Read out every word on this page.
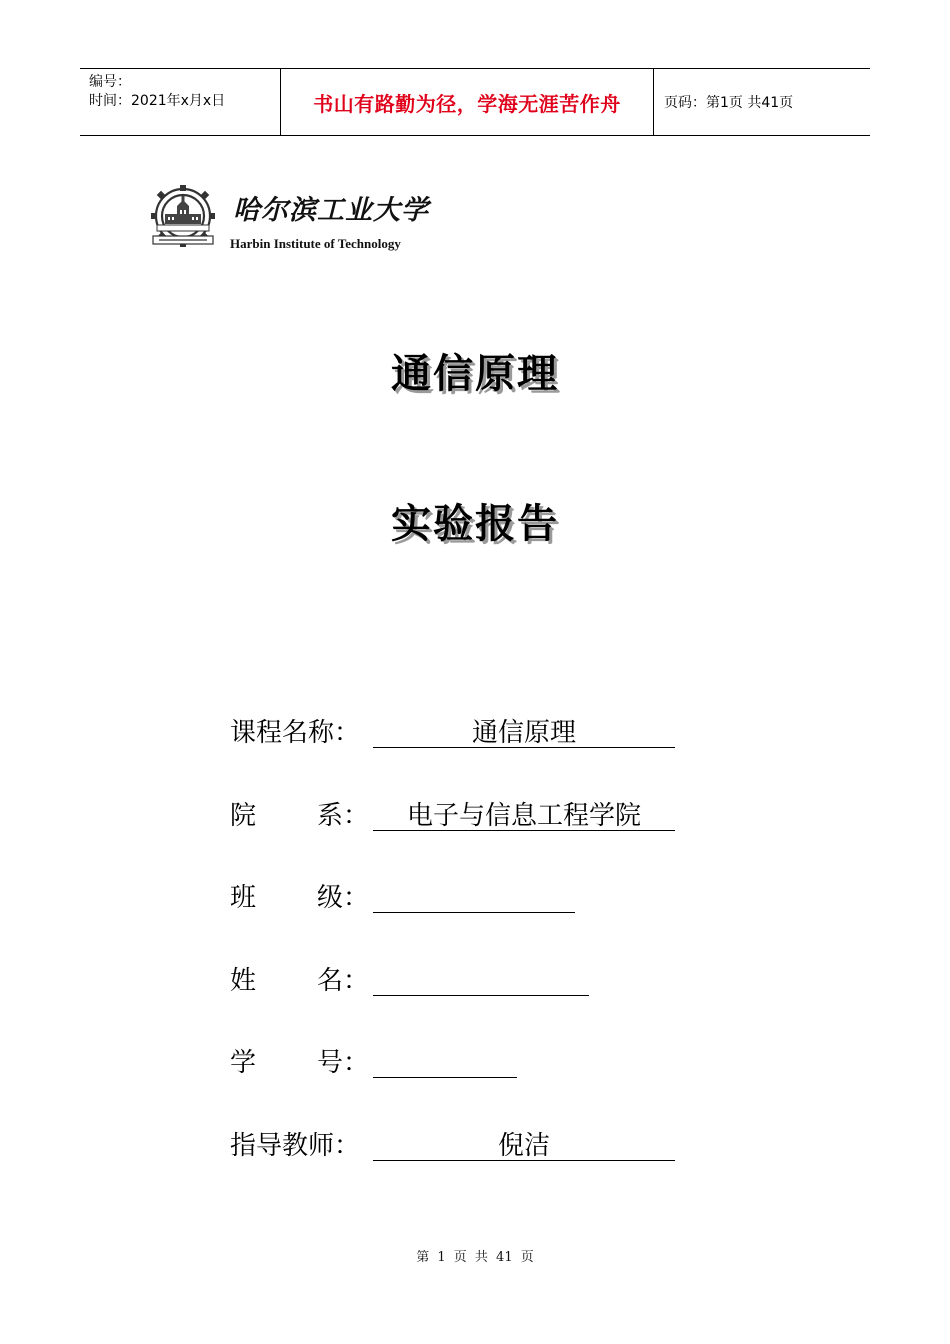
编号：
时间：2021年x月x日	书山有路勤为径，学海无涯苦作舟	页码：第1页 共41页
哈尔滨工业大学
Harbin Institute of Technology
通信原理
实验报告
课程名称：	通信原理
院 系：	电子与信息工程学院
班 级：
姓 名：
学 号：
指导教师：	倪洁
第 1 页 共 41 页
